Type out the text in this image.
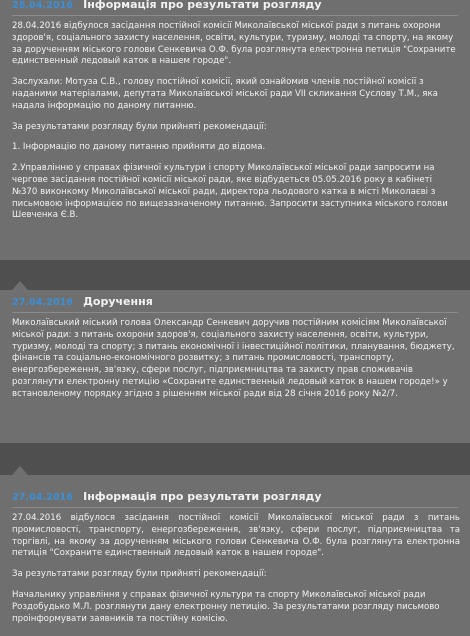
28.04.2016 Інформація про результати розгляду

28.04.2016 відбулося засідання постійної комісії Миколаївської міської ради з питань охорони здоров'я, соціального захисту населення, освіти, культури, туризму, молоді та спорту, на якому за дорученням міського голови Сенкевича О.Ф. була розглянута електронна петиція "Сохраните единственный ледовый каток в нашем городе".

Заслухали: Мотуза С.В., голову постійної комісії, який ознайомив членів постійної комісії з наданими матеріалами, депутата Миколаївської міської ради VII скликання Суслову Т.М., яка надала інформацію по даному питанню.

За результатами розгляду були прийняті рекомендації:

1. Інформацію по даному питанню прийняти до відома.

2.Управлінню у справах фізичної культури і спорту Миколаївської міської ради запросити на чергове засідання постійної комісії міської ради, яке відбудеться 05.05.2016 року в кабінеті №370 виконкому Миколаївської міської ради, директора льодового катка в місті Миколаєві з письмовою інформацією по вищезазначеному питанню. Запросити заступника міського голови Шевченка Є.В.

27.04.2016 Доручення

Миколаївський міський голова Олександр Сенкевич доручив постійним комісіям Миколаївської міської ради: з питань охорони здоров'я, соціального захисту населення, освіти, культури, туризму, молоді та спорту; з питань економічної і інвестиційної політики, планування, бюджету, фінансів та соціально-економічного розвитку; з питань промисловості, транспорту, енергозбереження, зв'язку, сфери послуг, підприємництва та захисту прав споживачів розглянути електронну петицію «Сохраните единственный ледовый каток в нашем городе!» у встановленому порядку згідно з рішенням міської ради від 28 січня 2016 року №2/7.

27.04.2016 Інформація про результати розгляду

27.04.2016 відбулося засідання постійної комісії Миколаївської міської ради з питань промисловості, транспорту, енергозбереження, зв'язку, сфери послуг, підприємництва та торгівлі, на якому за дорученням міського голови Сенкевича О.Ф. була розглянута електронна петиція "Сохраните единственный ледовый каток в нашем городе".

За результатами розгляду були прийняті рекомендації:

Начальнику управління у справах фізичної культури та спорту Миколаївської міської ради Роздобудько М.Л. розглянути дану електронну петицію. За результатами розгляду письмово проінформувати заявників та постійну комісію.
